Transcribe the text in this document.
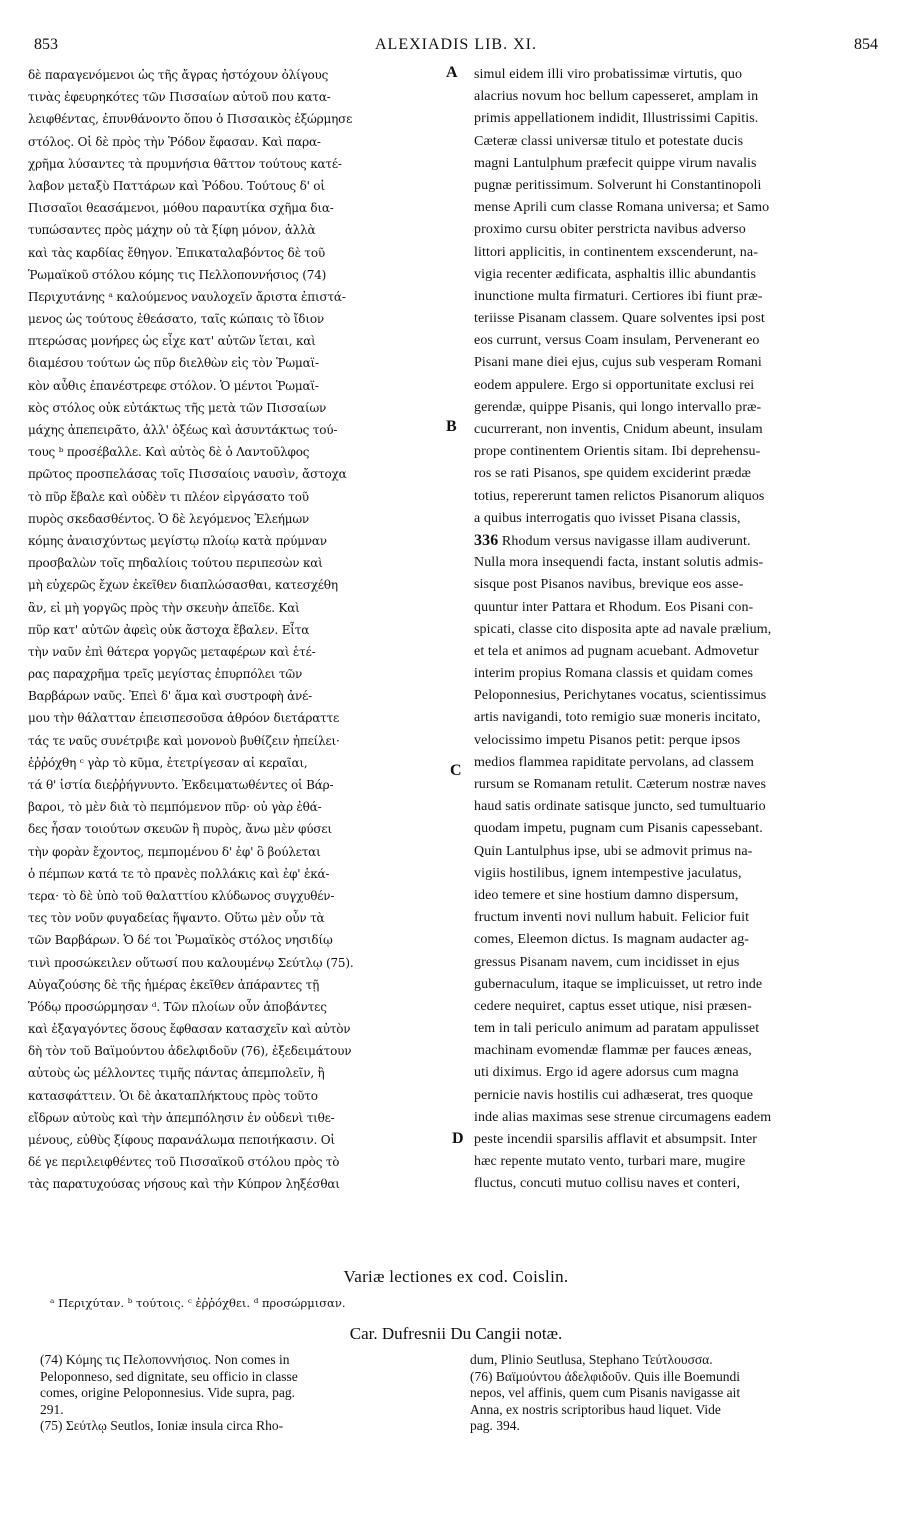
853	ALEXIADIS LIB. XI.	854
δὲ παραγενόμενοι ὡς τῆς ἄγρας ἠστόχουν ὀλίγους
τινὰς ἐφευρηκότες τῶν Πισσαίων αὐτοῦ που κατα-
λειφθέντας, ἐπυνθάνοντο ὅπου ὁ Πισσαικὸς ἐξώρμησε
στόλος. Οἱ δὲ πρὸς τὴν Ῥόδον ἔφασαν. Καὶ παρα-
χρῆμα λύσαντες τὰ πρυμνήσια θᾶττον τούτους κατέ-
λαβον μεταξὺ Παττάρων καὶ Ῥόδου. Τούτους δ' οἱ
Πισσαῖοι θεασάμενοι, μόθου παραυτίκα σχῆμα δια-
τυπώσαντες πρὸς μάχην οὐ τὰ ξίφη μόνον, ἀλλὰ
καὶ τὰς καρδίας ἔθηγον. Ἐπικαταλαβόντος δὲ τοῦ
Ῥωμαϊκοῦ στόλου κόμης τις Πελλοποννήσιος (74)
Περιχυτάνης ᵃ καλούμενος ναυλοχεῖν ἄριστα ἐπιστά-
μενος ὡς τούτους ἐθεάσατο, ταῖς κώπαις τὸ ἴδιον
πτερώσας μονήρες ὡς εἶχε κατ' αὐτῶν ἵεται, καὶ
διαμέσου τούτων ὡς πῦρ διελθὼν εἰς τὸν Ῥωμαϊ-
κὸν αὖθις ἐπανέστρεφε στόλον. Ὁ μέντοι Ῥωμαϊ-
κὸς στόλος οὐκ εὐτάκτως τῆς μετὰ τῶν Πισσαίων
μάχης ἀπεπειρᾶτο, ἀλλ' ὀξέως καὶ ἀσυντάκτως τού-
τους ᵇ προσέβαλλε. Καὶ αὐτὸς δὲ ὁ Λαντοῦλφος
πρῶτος προσπελάσας τοῖς Πισσαίοις ναυσὶν, ἄστοχα
τὸ πῦρ ἔβαλε καὶ οὐδὲν τι πλέον εἰργάσατο τοῦ
πυρὸς σκεδασθέντος. Ὁ δὲ λεγόμενος Ἐλεήμων
κόμης ἀναισχύντως μεγίστῳ πλοίῳ κατὰ πρύμναν
προσβαλὼν τοῖς πηδαλίοις τούτου περιπεσὼν καὶ
μὴ εὐχερῶς ἔχων ἐκεῖθεν διαπλώσασθαι, κατεσχέθη
ἂν, εἰ μὴ γοργῶς πρὸς τὴν σκευὴν ἀπεῖδε. Καὶ
πῦρ κατ' αὐτῶν ἀφεὶς οὐκ ἄστοχα ἔβαλεν. Εἶτα
τὴν ναῦν ἐπὶ θάτερα γοργῶς μεταφέρων καὶ ἑτέ-
ρας παραχρῆμα τρεῖς μεγίστας ἐπυρπόλει τῶν
Βαρβάρων ναῦς. Ἐπεὶ δ' ἅμα καὶ συστροφὴ ἀνέ-
μου τὴν θάλατταν ἐπεισπεσοῦσα ἀθρόον διετάραττε
τάς τε ναῦς συνέτριβε καὶ μονονοὺ βυθίζειν ἠπείλει·
ἐῤῥόχθη ᶜ γὰρ τὸ κῦμα, ἐτετρίγεσαν αἱ κεραῖαι,
τά θ' ἱστία διεῤῥήγνυντο. Ἐκδειματωθέντες οἱ Βάρ-
βαροι, τὸ μὲν διὰ τὸ πεμπόμενον πῦρ· οὐ γὰρ ἐθά-
δες ἦσαν τοιούτων σκευῶν ἢ πυρὸς, ἄνω μὲν φύσει
τὴν φορὰν ἔχοντος, πεμπομένου δ' ἐφ' ὃ βούλεται
ὁ πέμπων κατά τε τὸ πρανὲς πολλάκις καὶ ἐφ' ἑκά-
τερα· τὸ δὲ ὑπὸ τοῦ θαλαττίου κλύδωνος συγχυθέν-
τες τὸν νοῦν φυγαδείας ἥψαντο. Οὕτω μὲν οὖν τὰ
τῶν Βαρβάρων. Ὁ δέ τοι Ῥωμαϊκὸς στόλος νησιδίῳ
τινὶ προσώκειλεν οὕτωσί που καλουμένῳ Σεύτλῳ (75).
Αὐγαζούσης δὲ τῆς ἡμέρας ἐκεῖθεν ἀπάραντες τῇ
Ῥόδῳ προσώρμησαν ᵈ. Τῶν πλοίων οὖν ἀποβάντες
καὶ ἐξαγαγόντες ὅσους ἔφθασαν κατασχεῖν καὶ αὐτὸν
δὴ τὸν τοῦ Βαϊμούντου ἀδελφιδοῦν (76), ἐξεδειμάτουν
αὐτοὺς ὡς μέλλοντες τιμῆς πάντας ἀπεμπολεῖν, ἢ
κατασφάττειν. Ὁι δὲ ἀκαταπλήκτους πρὸς τοῦτο
εἴδρων αὐτοὺς καὶ τὴν ἀπεμπόλησιν ἐν οὐδενὶ τιθε-
μένους, εὐθὺς ξίφους παρανάλωμα πεποιήκασιν. Οἱ
δέ γε περιλειφθέντες τοῦ Πισσαϊκοῦ στόλου πρὸς τὸ
τὰς παρατυχούσας νήσους καὶ τὴν Κύπρον ληξέσθαι
simul eidem illi viro probatissimæ virtutis, quo
alacrius novum hoc bellum capesseret, amplam in
primis appellationem indidit, Illustrissimi Capitis.
Cæteræ classi universæ titulo et potestate ducis
magni Lantulphum præfecit quippe virum navalis
pugnæ peritissimum. Solverunt hi Constantinopoli
mense Aprili cum classe Romana universa; et Samo
proximo cursu obiter perstricta navibus adverso
littori applicitis, in continentem exscenderunt, na-
vigia recenter ædificata, asphaltis illic abundantis
inunctione multa firmaturi. Certiores ibi fiunt præ-
teriisse Pisanam classem. Quare solventes ipsi post
eos currunt, versus Coam insulam, Pervenerant eo
Pisani mane diei ejus, cujus sub vesperam Romani
eodem appulere. Ergo si opportunitate exclusi rei
gerendæ, quippe Pisanis, qui longo intervallo præ-
cucurrerant, non inventis, Cnidum abeunt, insulam
prope continentem Orientis sitam. Ibi deprehensu-
ros se rati Pisanos, spe quidem exciderint prædæ
totius, repererunt tamen relictos Pisanorum aliquos
a quibus interrogatis quo ivisset Pisana classis,
336 Rhodum versus navigasse illam audiverunt.
Nulla mora insequendi facta, instant solutis admis-
sisque post Pisanos navibus, brevique eos asse-
quuntur inter Pattara et Rhodum. Eos Pisani con-
spicati, classe cito disposita apte ad navale prælium,
et tela et animos ad pugnam acuebant. Admovetur
interim propius Romana classis et quidam comes
Peloponnesius, Perichytanes vocatus, scientissimus
artis navigandi, toto remigio suæ moneris incitato,
velocissimo impetu Pisanos petit: perque ipsos
medios flammea rapiditate pervolans, ad classem
rursum se Romanam retulit. Cæterum nostræ naves
haud satis ordinate satisque juncto, sed tumultuario
quodam impetu, pugnam cum Pisanis capessebant.
Quin Lantulphus ipse, ubi se admovit primus na-
vigiis hostilibus, ignem intempestive jaculatus,
ideo temere et sine hostium damno dispersum,
fructum inventi novi nullum habuit. Felicior fuit
comes, Eleemon dictus. Is magnam audacter ag-
gressus Pisanam navem, cum incidisset in ejus
gubernaculum, itaque se implicuisset, ut retro inde
cedere nequiret, captus esset utique, nisi præsen-
tem in tali periculo animum ad paratam appulisset
machinam evomendæ flammæ per fauces æneas,
uti diximus. Ergo id agere adorsus cum magna
pernicie navis hostilis cui adhæserat, tres quoque
inde alias maximas sese strenue circumagens eadem
peste incendii sparsilis afflavit et absumpsit. Inter
hæc repente mutato vento, turbari mare, mugire
fluctus, concuti mutuo collisu naves et conteri,
A
B
C
D
Variæ lectiones ex cod. Coislin.
ᵃ Περιχύταν. ᵇ τούτοις. ᶜ ἐῤῥόχθει. ᵈ προσώρμισαν.
Car. Dufresnii Du Cangii notæ.
(74) Κόμης τις Πελοποννήσιος. Non comes in
Peloponneso, sed dignitate, seu officio in classe
comes, origine Peloponnesius. Vide supra, pag.
291.
(75) Σεύτλῳ Seutlos, Ioniæ insula circa Rho-
dum, Plinio Seutlusa, Stephano Τεύτλουσσα.
(76) Βαϊμούντου ἀδελφιδοῦν. Quis ille Boemundi
nepos, vel affinis, quem cum Pisanis navigasse ait
Anna, ex nostris scriptoribus haud liquet. Vide
pag. 394.
